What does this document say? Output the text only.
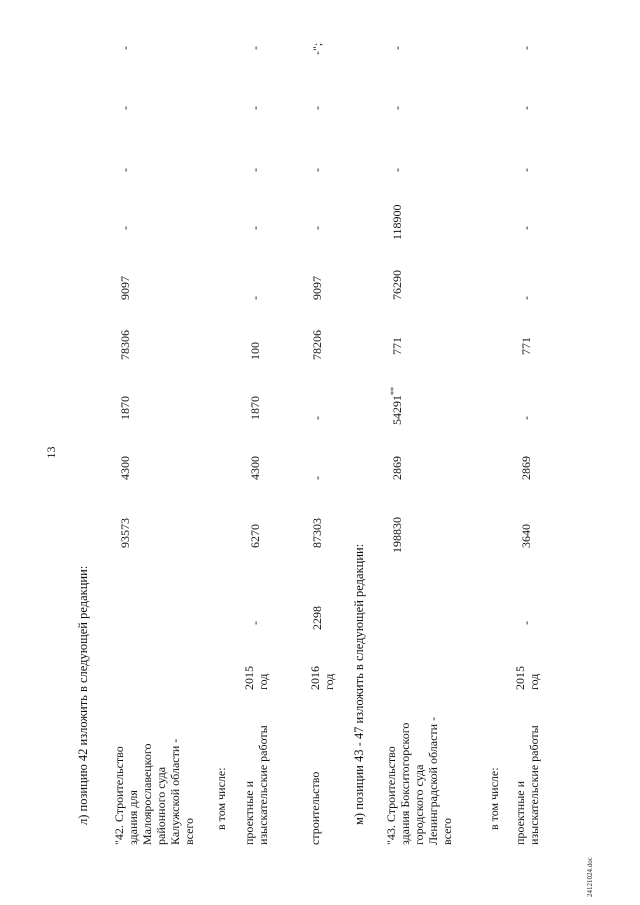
13
л) позицию 42 изложить в следующей редакции: "42. Строительство здания для Малоярославецкого районного суда Калужской области - всего
93573
4300
1870
78306
9097
-
-
-
-
в том числе: проектные и изыскательские работы
2015 год
-
6270
4300
1870
100
-
-
-
-
-
строительство
2016 год
2298
87303
-
-
78206
9097
-
-
-
-";
м) позиции 43 - 47 изложить в следующей редакции: "43. Строительство здания Бокситогорского городского суда Ленинградской области - всего
198830
2869
54291**
771
76290
118900
-
-
-
в том числе: проектные и изыскательские работы
2015 год
-
3640
2869
-
771
-
-
-
-
-
24121024.doc
